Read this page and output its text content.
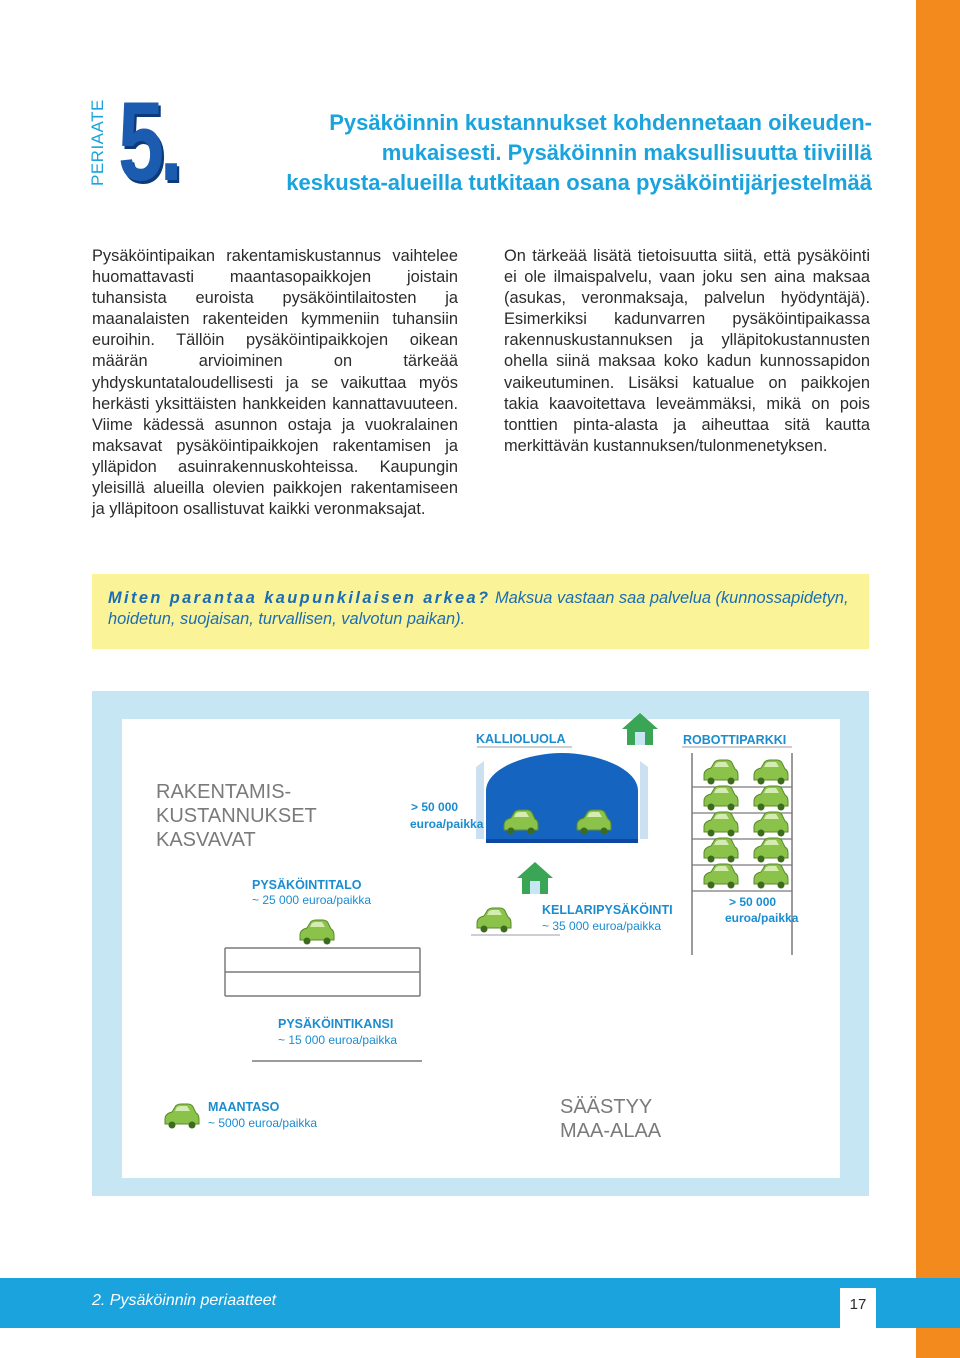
PERIAATE 5.	Pysäköinnin kustannukset kohdennetaan oikeuden-
mukaisesti. Pysäköinnin maksullisuutta tiiviillä
keskusta-alueilla tutkitaan osana pysäköintijärjestelmää
Pysäköintipaikan rakentamiskustannus vaihtelee huomattavasti maantasopaikkojen joistain tuhansista euroista pysäköintilaitosten ja maanalaisten rakenteiden kymmeniin tuhansiin euroihin. Tällöin pysäköintipaikkojen oikean määrän arvioiminen on tärkeää yhdyskuntataloudellisesti ja se vaikuttaa myös herkästi yksittäisten hankkeiden kannattavuuteen. Viime kädessä asunnon ostaja ja vuokralainen maksavat pysäköintipaikkojen rakentamisen ja ylläpidon asuinrakennuskohteissa. Kaupungin yleisillä alueilla olevien paikkojen rakentamiseen ja ylläpitoon osallistuvat kaikki veronmaksajat.
On tärkeää lisätä tietoisuutta siitä, että pysäköinti ei ole ilmaispalvelu, vaan joku sen aina maksaa (asukas, veronmaksaja, palvelun hyödyntäjä). Esimerkiksi kadunvarren pysäköintipaikassa rakennuskustannuksen ja ylläpitokustannusten ohella siinä maksaa koko kadun kunnossapidon vaikeutuminen. Lisäksi katualue on paikkojen takia kaavoitettava leveämmäksi, mikä on pois tonttien pinta-alasta ja aiheuttaa sitä kautta merkittävän kustannuksen/tulonmenetyksen.
Miten parantaa kaupunkilaisen arkea? Maksua vastaan saa palvelua (kunnossapidetyn, hoidetun, suojaisan, turvallisen, valvotun paikan).
KALLIOLUOLA	ROBOTTIPARKKI
> 50 000
euroa/paikka
> 50 000
euroa/paikka
RAKENTAMIS-
KUSTANNUKSET
KASVAVAT
SÄÄSTYY
MAA-ALAA
PYSÄKÖINTITALO
~ 25 000 euroa/paikka
KELLARIPYSÄKÖINTI
~ 35 000 euroa/paikka
PYSÄKÖINTIKANSI
~ 15 000 euroa/paikka
MAANTASO
~ 5000 euroa/paikka
2. Pysäköinnin periaatteet	17
